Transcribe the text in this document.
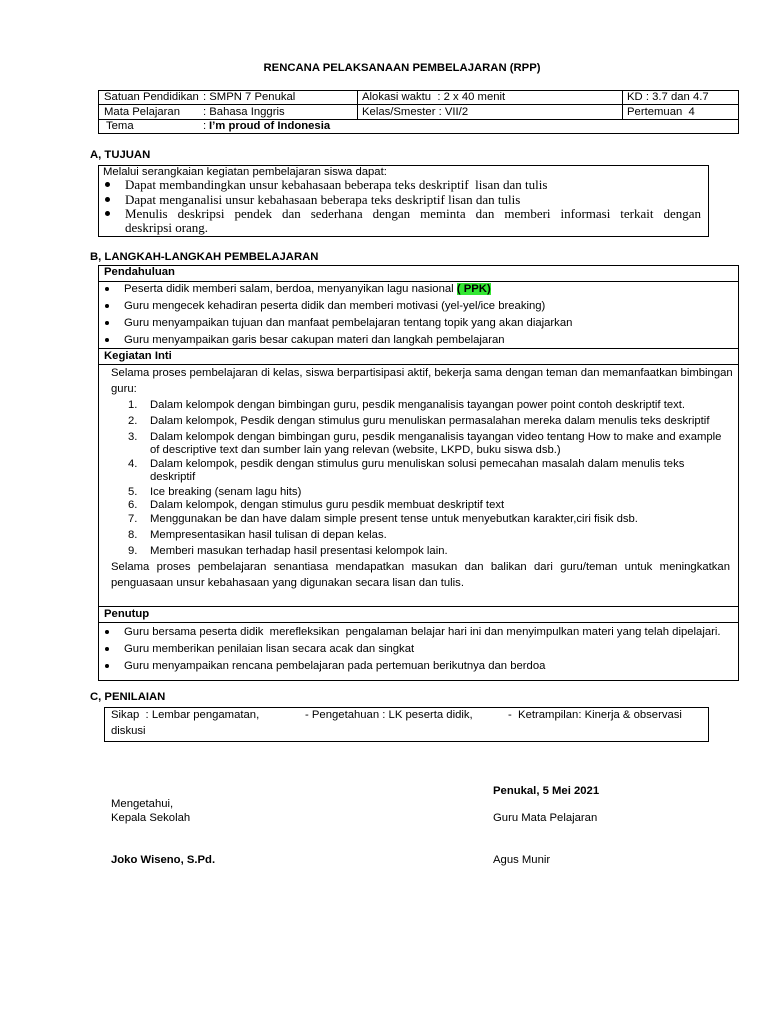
RENCANA PELAKSANAAN PEMBELAJARAN (RPP)
Satuan Pendidikan : SMPN 7 Penukal	Alokasi waktu  : 2 x 40 menit	KD : 3.7 dan 4.7
Mata Pelajaran : Bahasa Inggris	Kelas/Smester : VII/2	Pertemuan  4
Tema	: I’m proud of Indonesia
A, TUJUAN
Melalui serangkaian kegiatan pembelajaran siswa dapat:
Dapat membandingkan unsur kebahasaan beberapa teks deskriptif  lisan dan tulis
Dapat menganalisi unsur kebahasaan beberapa teks deskriptif lisan dan tulis
Menulis deskripsi pendek dan sederhana dengan meminta dan memberi informasi terkait dengan
deskripsi orang.
B, LANGKAH-LANGKAH PEMBELAJARAN
Pendahuluan
Peserta didik memberi salam, berdoa, menyanyikan lagu nasional ( PPK)
Guru mengecek kehadiran peserta didik dan memberi motivasi (yel-yel/ice breaking)
Guru menyampaikan tujuan dan manfaat pembelajaran tentang topik yang akan diajarkan
Guru menyampaikan garis besar cakupan materi dan langkah pembelajaran
Kegiatan Inti
Selama proses pembelajaran di kelas, siswa berpartisipasi aktif, bekerja sama dengan teman dan memanfaatkan bimbingan
guru:
1. Dalam kelompok dengan bimbingan guru, pesdik menganalisis tayangan power point contoh deskriptif text.
2. Dalam kelompok, Pesdik dengan stimulus guru menuliskan permasalahan mereka dalam menulis teks deskriptif
3. Dalam kelompok dengan bimbingan guru, pesdik menganalisis tayangan video tentang How to make and example
of descriptive text dan sumber lain yang relevan (website, LKPD, buku siswa dsb.)
4. Dalam kelompok, pesdik dengan stimulus guru menuliskan solusi pemecahan masalah dalam menulis teks
deskriptif
5. Ice breaking (senam lagu hits)
6. Dalam kelompok, dengan stimulus guru pesdik membuat deskriptif text
7. Menggunakan be dan have dalam simple present tense untuk menyebutkan karakter,ciri fisik dsb.
8. Mempresentasikan hasil tulisan di depan kelas.
9. Memberi masukan terhadap hasil presentasi kelompok lain.
Selama proses pembelajaran senantiasa mendapatkan masukan dan balikan dari guru/teman untuk meningkatkan
penguasaan unsur kebahasaan yang digunakan secara lisan dan tulis.
Penutup
Guru bersama peserta didik  merefleksikan  pengalaman belajar hari ini dan menyimpulkan materi yang telah dipelajari.
Guru memberikan penilaian lisan secara acak dan singkat
Guru menyampaikan rencana pembelajaran pada pertemuan berikutnya dan berdoa
C, PENILAIAN
Sikap  : Lembar pengamatan,	- Pengetahuan : LK peserta didik,	-  Ketrampilan: Kinerja & observasi
diskusi
Penukal, 5 Mei 2021
Mengetahui,
Kepala Sekolah	Guru Mata Pelajaran
Joko Wiseno, S.Pd.	Agus Munir
